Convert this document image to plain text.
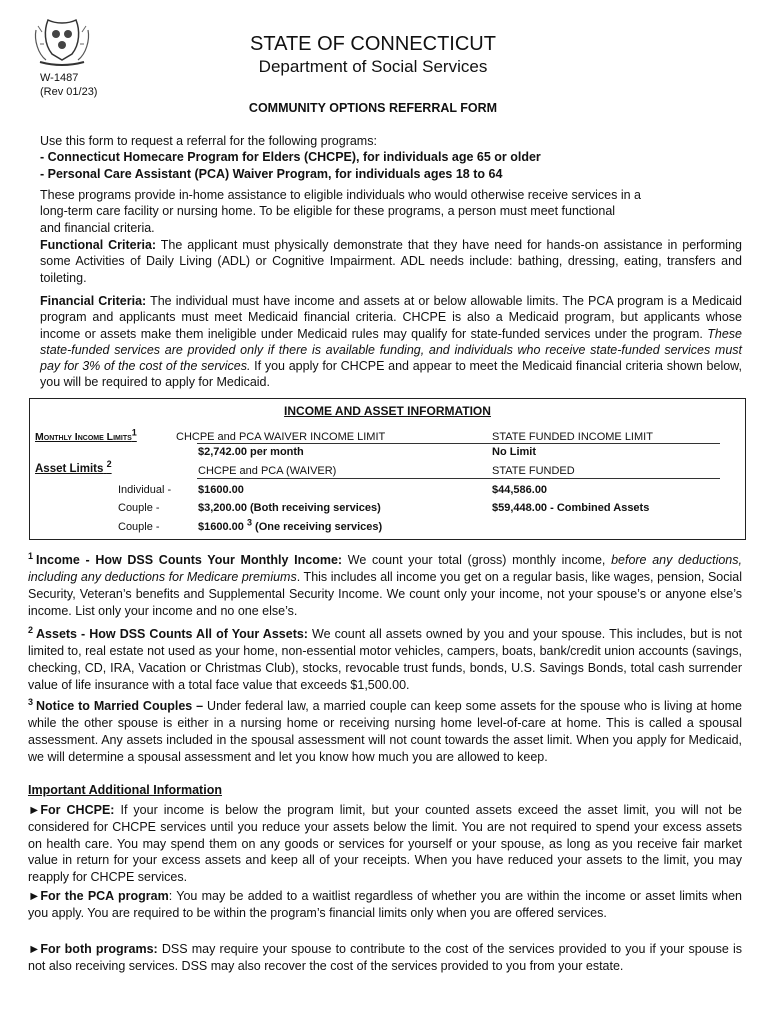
W-1487
(Rev 01/23)
STATE OF CONNECTICUT
Department of Social Services
COMMUNITY OPTIONS REFERRAL FORM
Use this form to request a referral for the following programs:
- Connecticut Homecare Program for Elders (CHCPE), for individuals age 65 or older
- Personal Care Assistant (PCA) Waiver Program, for individuals ages 18 to 64
These programs provide in-home assistance to eligible individuals who would otherwise receive services in a
long-term care facility or nursing home. To be eligible for these programs, a person must meet functional
and financial criteria.
Functional Criteria: The applicant must physically demonstrate that they have need for hands-on assistance in performing some Activities of Daily Living (ADL) or Cognitive Impairment. ADL needs include: bathing, dressing, eating, transfers and toileting.
Financial Criteria: The individual must have income and assets at or below allowable limits. The PCA program is a Medicaid program and applicants must meet Medicaid financial criteria. CHCPE is also a Medicaid program, but applicants whose income or assets make them ineligible under Medicaid rules may qualify for state-funded services under the program. These state-funded services are provided only if there is available funding, and individuals who receive state-funded services must pay for 3% of the cost of the services. If you apply for CHCPE and appear to meet the Medicaid financial criteria shown below, you will be required to apply for Medicaid.
INCOME AND ASSET INFORMATION
Monthly Income Limits$^1$	CHCPE and PCA WAIVER INCOME LIMIT	STATE FUNDED INCOME LIMIT
$2,742.00 per month	No Limit
Asset Limits $^2$
CHCPE and PCA (WAIVER)	STATE FUNDED
Individual - $1600.00	$44,586.00
Couple -	$3,200.00 (Both receiving services)	$59,448.00 - Combined Assets
Couple -	$1600.00 $^3$ (One receiving services)
$^1$ Income - How DSS Counts Your Monthly Income: We count your total (gross) monthly income, before any deductions, including any deductions for Medicare premiums. This includes all income you get on a regular basis, like wages, pension, Social Security, Veteran’s benefits and Supplemental Security Income. We count only your income, not your spouse’s or anyone else’s income. List only your income and no one else’s.
$^2$ Assets - How DSS Counts All of Your Assets: We count all assets owned by you and your spouse. This includes, but is not limited to, real estate not used as your home, non-essential motor vehicles, campers, boats, bank/credit union accounts (savings, checking, CD, IRA, Vacation or Christmas Club), stocks, revocable trust funds, bonds, U.S. Savings Bonds, total cash surrender value of life insurance with a total face value that exceeds $1,500.00.
$^3$ Notice to Married Couples – Under federal law, a married couple can keep some assets for the spouse who is living at home while the other spouse is either in a nursing home or receiving nursing home level-of-care at home. This is called a spousal assessment. Any assets included in the spousal assessment will not count towards the asset limit. When you apply for Medicaid, we will determine a spousal assessment and let you know how much you are allowed to keep.
Important Additional Information
►For CHCPE: If your income is below the program limit, but your counted assets exceed the asset limit, you will not be considered for CHCPE services until you reduce your assets below the limit. You are not required to spend your excess assets on health care. You may spend them on any goods or services for yourself or your spouse, as long as you receive fair market value in return for your excess assets and keep all of your receipts. When you have reduced your assets to the limit, you may reapply for CHCPE services.
►For the PCA program: You may be added to a waitlist regardless of whether you are within the income or asset limits when you apply. You are required to be within the program’s financial limits only when you are offered services.
►For both programs: DSS may require your spouse to contribute to the cost of the services provided to you if your spouse is not also receiving services. DSS may also recover the cost of the services provided to you from your estate.
